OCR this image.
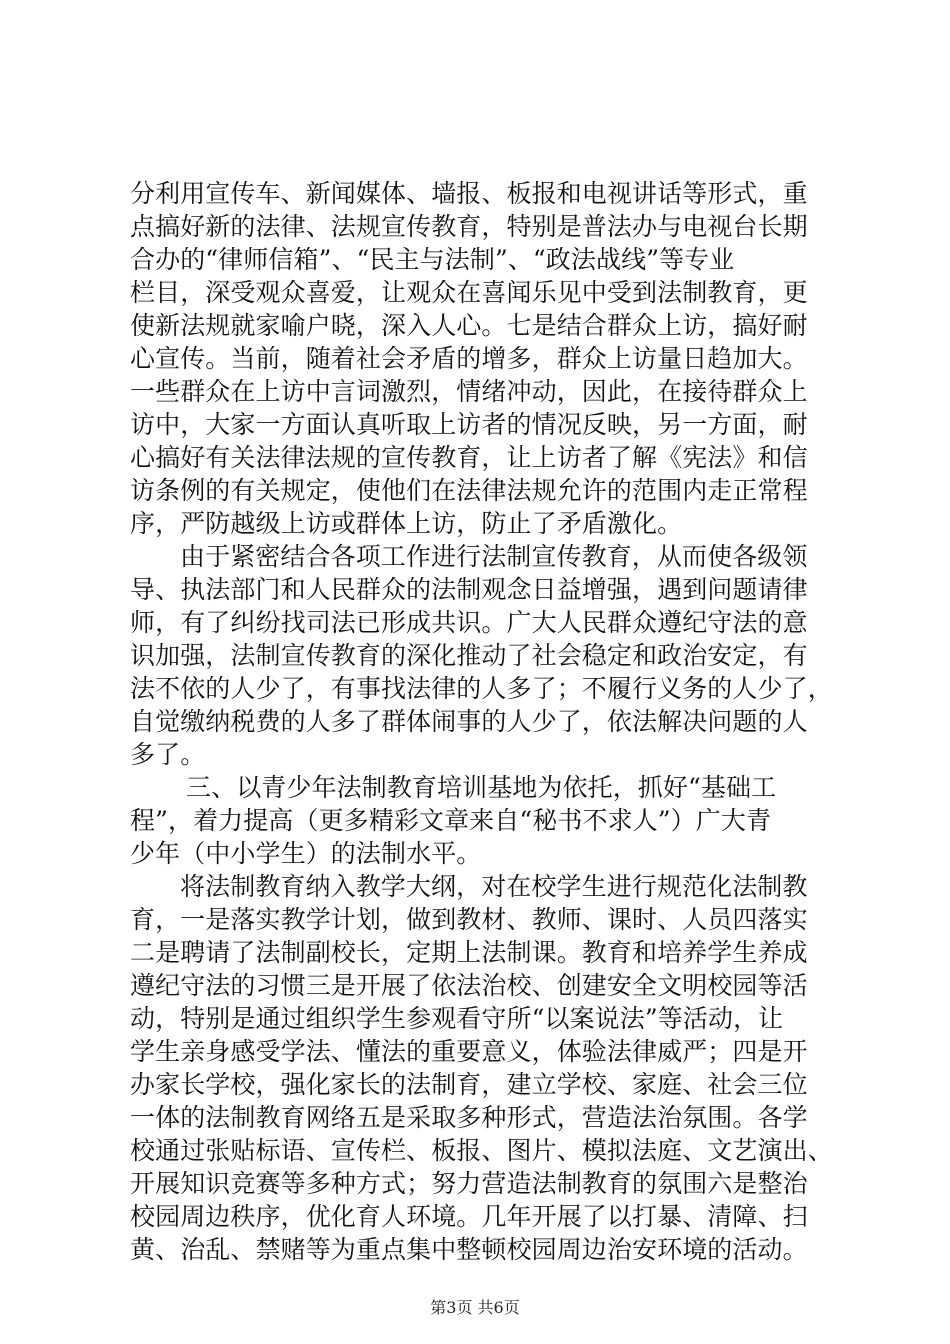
分利用宣传车、新闻媒体、墙报、板报和电视讲话等形式，重
点搞好新的法律、法规宣传教育，特别是普法办与电视台长期
合办的“律师信箱”、“民主与法制”、“政法战线”等专业
栏目，深受观众喜爱，让观众在喜闻乐见中受到法制教育，更
使新法规就家喻户晓，深入人心。七是结合群众上访，搞好耐
心宣传。当前，随着社会矛盾的增多，群众上访量日趋加大。
一些群众在上访中言词激烈，情绪冲动，因此，在接待群众上
访中，大家一方面认真听取上访者的情况反映，另一方面，耐
心搞好有关法律法规的宣传教育，让上访者了解《宪法》和信
访条例的有关规定，使他们在法律法规允许的范围内走正常程
序，严防越级上访或群体上访，防止了矛盾激化。
由于紧密结合各项工作进行法制宣传教育，从而使各级领
导、执法部门和人民群众的法制观念日益增强，遇到问题请律
师，有了纠纷找司法已形成共识。广大人民群众遵纪守法的意
识加强，法制宣传教育的深化推动了社会稳定和政治安定，有
法不依的人少了，有事找法律的人多了；不履行义务的人少了，
自觉缴纳税费的人多了群体闹事的人少了，依法解决问题的人
多了。
三、以青少年法制教育培训基地为依托，抓好“基础工
程”，着力提高（更多精彩文章来自“秘书不求人”）广大青
少年（中小学生）的法制水平。
将法制教育纳入教学大纲，对在校学生进行规范化法制教
育，一是落实教学计划，做到教材、教师、课时、人员四落实
二是聘请了法制副校长，定期上法制课。教育和培养学生养成
遵纪守法的习惯三是开展了依法治校、创建安全文明校园等活
动，特别是通过组织学生参观看守所“以案说法”等活动，让
学生亲身感受学法、懂法的重要意义，体验法律威严；四是开
办家长学校，强化家长的法制育，建立学校、家庭、社会三位
一体的法制教育网络五是采取多种形式，营造法治氛围。各学
校通过张贴标语、宣传栏、板报、图片、模拟法庭、文艺演出、
开展知识竞赛等多种方式；努力营造法制教育的氛围六是整治
校园周边秩序，优化育人环境。几年开展了以打暴、清障、扫
黄、治乱、禁赌等为重点集中整顿校园周边治安环境的活动。
第3页 共6页
